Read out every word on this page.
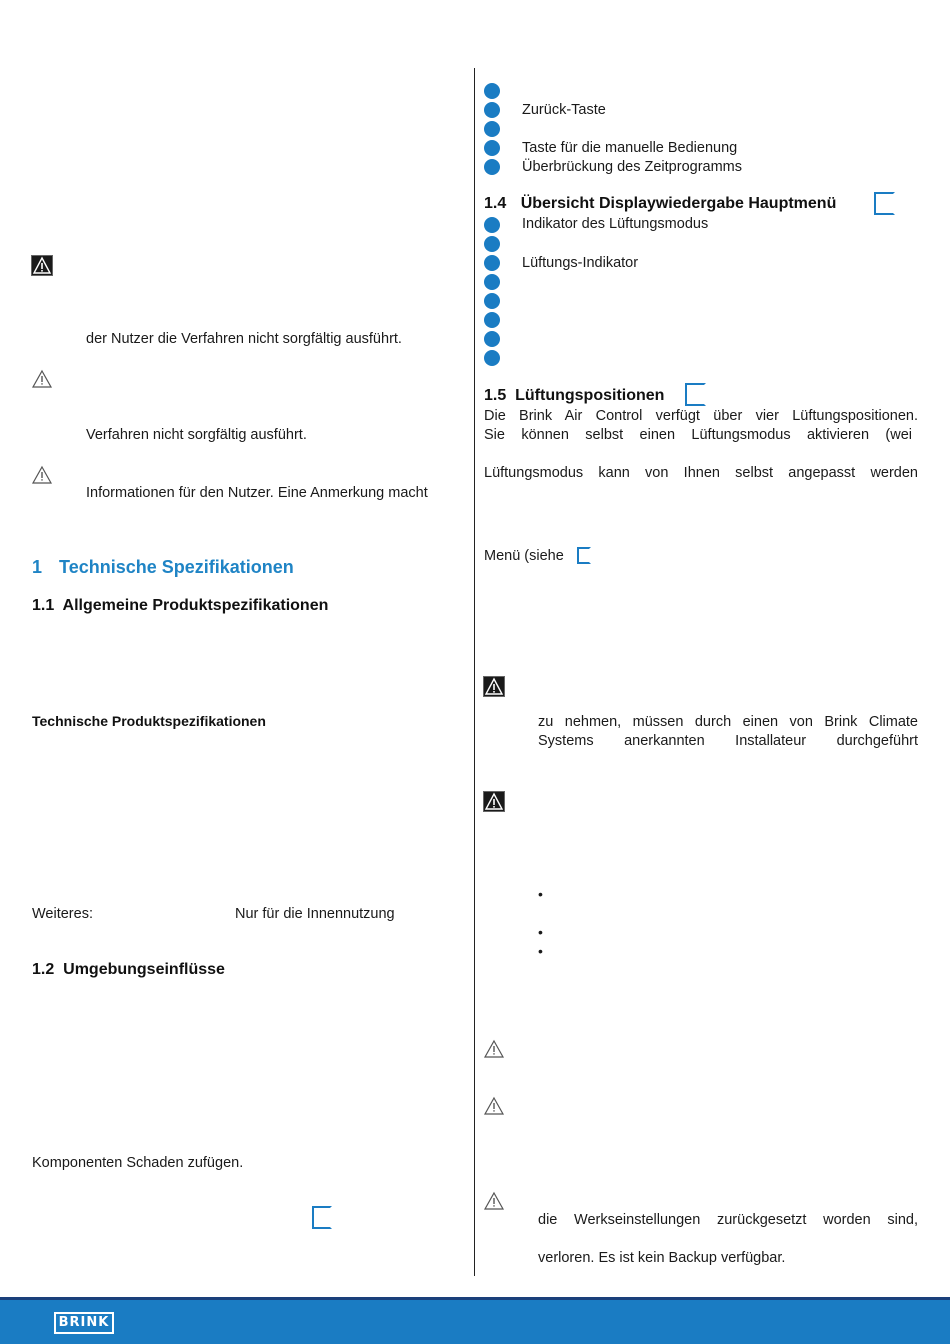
der Nutzer die Verfahren nicht sorgfältig ausführt.
Verfahren nicht sorgfältig ausführt.
Informationen für den Nutzer. Eine Anmerkung macht
1 Technische Spezifikationen
1.1  Allgemeine Produktspezifikationen
Technische Produktspezifikationen
Weiteres:	Nur für die Innennutzung
1.2  Umgebungseinflüsse
Komponenten Schaden zufügen.
Zurück-Taste
Taste für die manuelle Bedienung
Überbrückung des Zeitprogramms
1.4 Übersicht Displaywiedergabe Hauptmenü
Indikator des Lüftungsmodus
Lüftungs-Indikator
1.5  Lüftungspositionen
Die Brink Air Control verfügt über vier Lüftungspositionen.
Sie können selbst einen Lüftungsmodus aktivieren (wei
Lüftungsmodus kann von Ihnen selbst angepasst werden
Menü (siehe
zu nehmen, müssen durch einen von Brink Climate
Systems anerkannten Installateur durchgeführt
•
•
•
die Werkseinstellungen zurückgesetzt worden sind,
verloren. Es ist kein Backup verfügbar.
BRINK
